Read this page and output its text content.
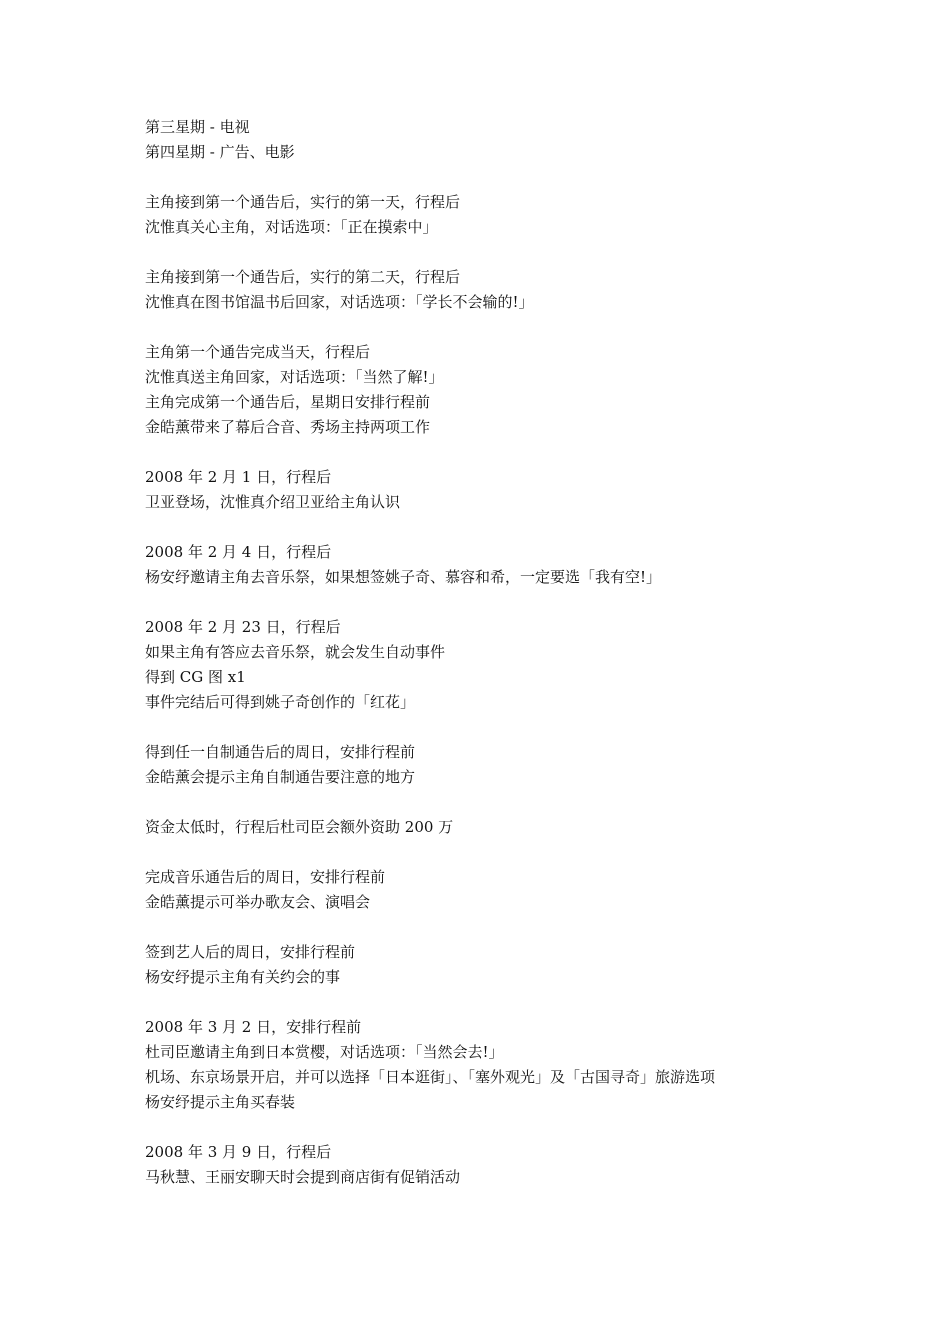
第三星期 - 电视
第四星期 - 广告、电影
主角接到第一个通告后，实行的第一天，行程后
沈惟真关心主角，对话选项：「正在摸索中」
主角接到第一个通告后，实行的第二天，行程后
沈惟真在图书馆温书后回家，对话选项：「学长不会输的!」
主角第一个通告完成当天，行程后
沈惟真送主角回家，对话选项：「当然了解!」
主角完成第一个通告后，星期日安排行程前
金皓薰带来了幕后合音、秀场主持两项工作
2008 年 2 月 1 日，行程后
卫亚登场，沈惟真介绍卫亚给主角认识
2008 年 2 月 4 日，行程后
杨安纾邀请主角去音乐祭，如果想签姚子奇、慕容和希，一定要选「我有空!」
2008 年 2 月 23 日，行程后
如果主角有答应去音乐祭，就会发生自动事件
得到 CG 图 x1
事件完结后可得到姚子奇创作的「红花」
得到任一自制通告后的周日，安排行程前
金皓薰会提示主角自制通告要注意的地方
资金太低时，行程后杜司臣会额外资助 200 万
完成音乐通告后的周日，安排行程前
金皓薰提示可举办歌友会、演唱会
签到艺人后的周日，安排行程前
杨安纾提示主角有关约会的事
2008 年 3 月 2 日，安排行程前
杜司臣邀请主角到日本赏樱，对话选项：「当然会去!」
机场、东京场景开启，并可以选择「日本逛街」、「塞外观光」及「古国寻奇」旅游选项
杨安纾提示主角买春装
2008 年 3 月 9 日，行程后
马秋慧、王丽安聊天时会提到商店街有促销活动
